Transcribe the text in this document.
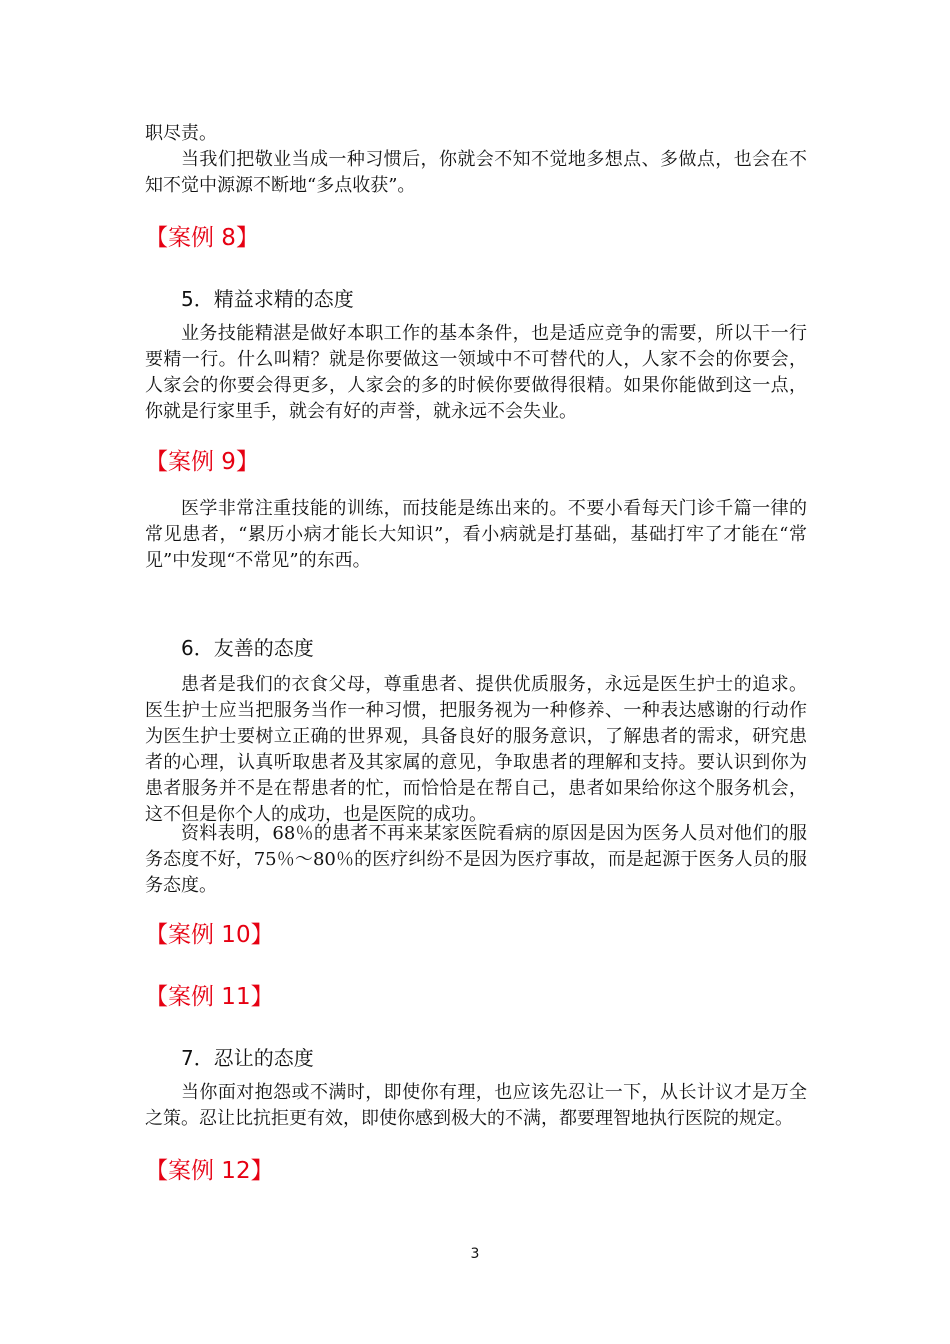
职尽责。

当我们把敬业当成一种习惯后，你就会不知不觉地多想点、多做点，也会在不知不觉中源源不断地“多点收获”。

【案例 8】

5．精益求精的态度

业务技能精湛是做好本职工作的基本条件，也是适应竞争的需要，所以干一行要精一行。什么叫精？就是你要做这一领域中不可替代的人，人家不会的你要会，人家会的你要会得更多，人家会的多的时候你要做得很精。如果你能做到这一点，你就是行家里手，就会有好的声誉，就永远不会失业。

【案例 9】

医学非常注重技能的训练，而技能是练出来的。不要小看每天门诊千篇一律的常见患者，“累历小病才能长大知识”，看小病就是打基础，基础打牢了才能在“常见”中发现“不常见”的东西。

6．友善的态度

患者是我们的衣食父母，尊重患者、提供优质服务，永远是医生护士的追求。医生护士应当把服务当作一种习惯，把服务视为一种修养、一种表达感谢的行动作为医生护士要树立正确的世界观，具备良好的服务意识，了解患者的需求，研究患者的心理，认真听取患者及其家属的意见，争取患者的理解和支持。要认识到你为患者服务并不是在帮患者的忙，而恰恰是在帮自己，患者如果给你这个服务机会，这不但是你个人的成功，也是医院的成功。

资料表明，68％的患者不再来某家医院看病的原因是因为医务人员对他们的服务态度不好，75％～80％的医疗纠纷不是因为医疗事故，而是起源于医务人员的服务态度。

【案例 10】

【案例 11】

7．忍让的态度

当你面对抱怨或不满时，即使你有理，也应该先忍让一下，从长计议才是万全之策。忍让比抗拒更有效，即使你感到极大的不满，都要理智地执行医院的规定。

【案例 12】

3
